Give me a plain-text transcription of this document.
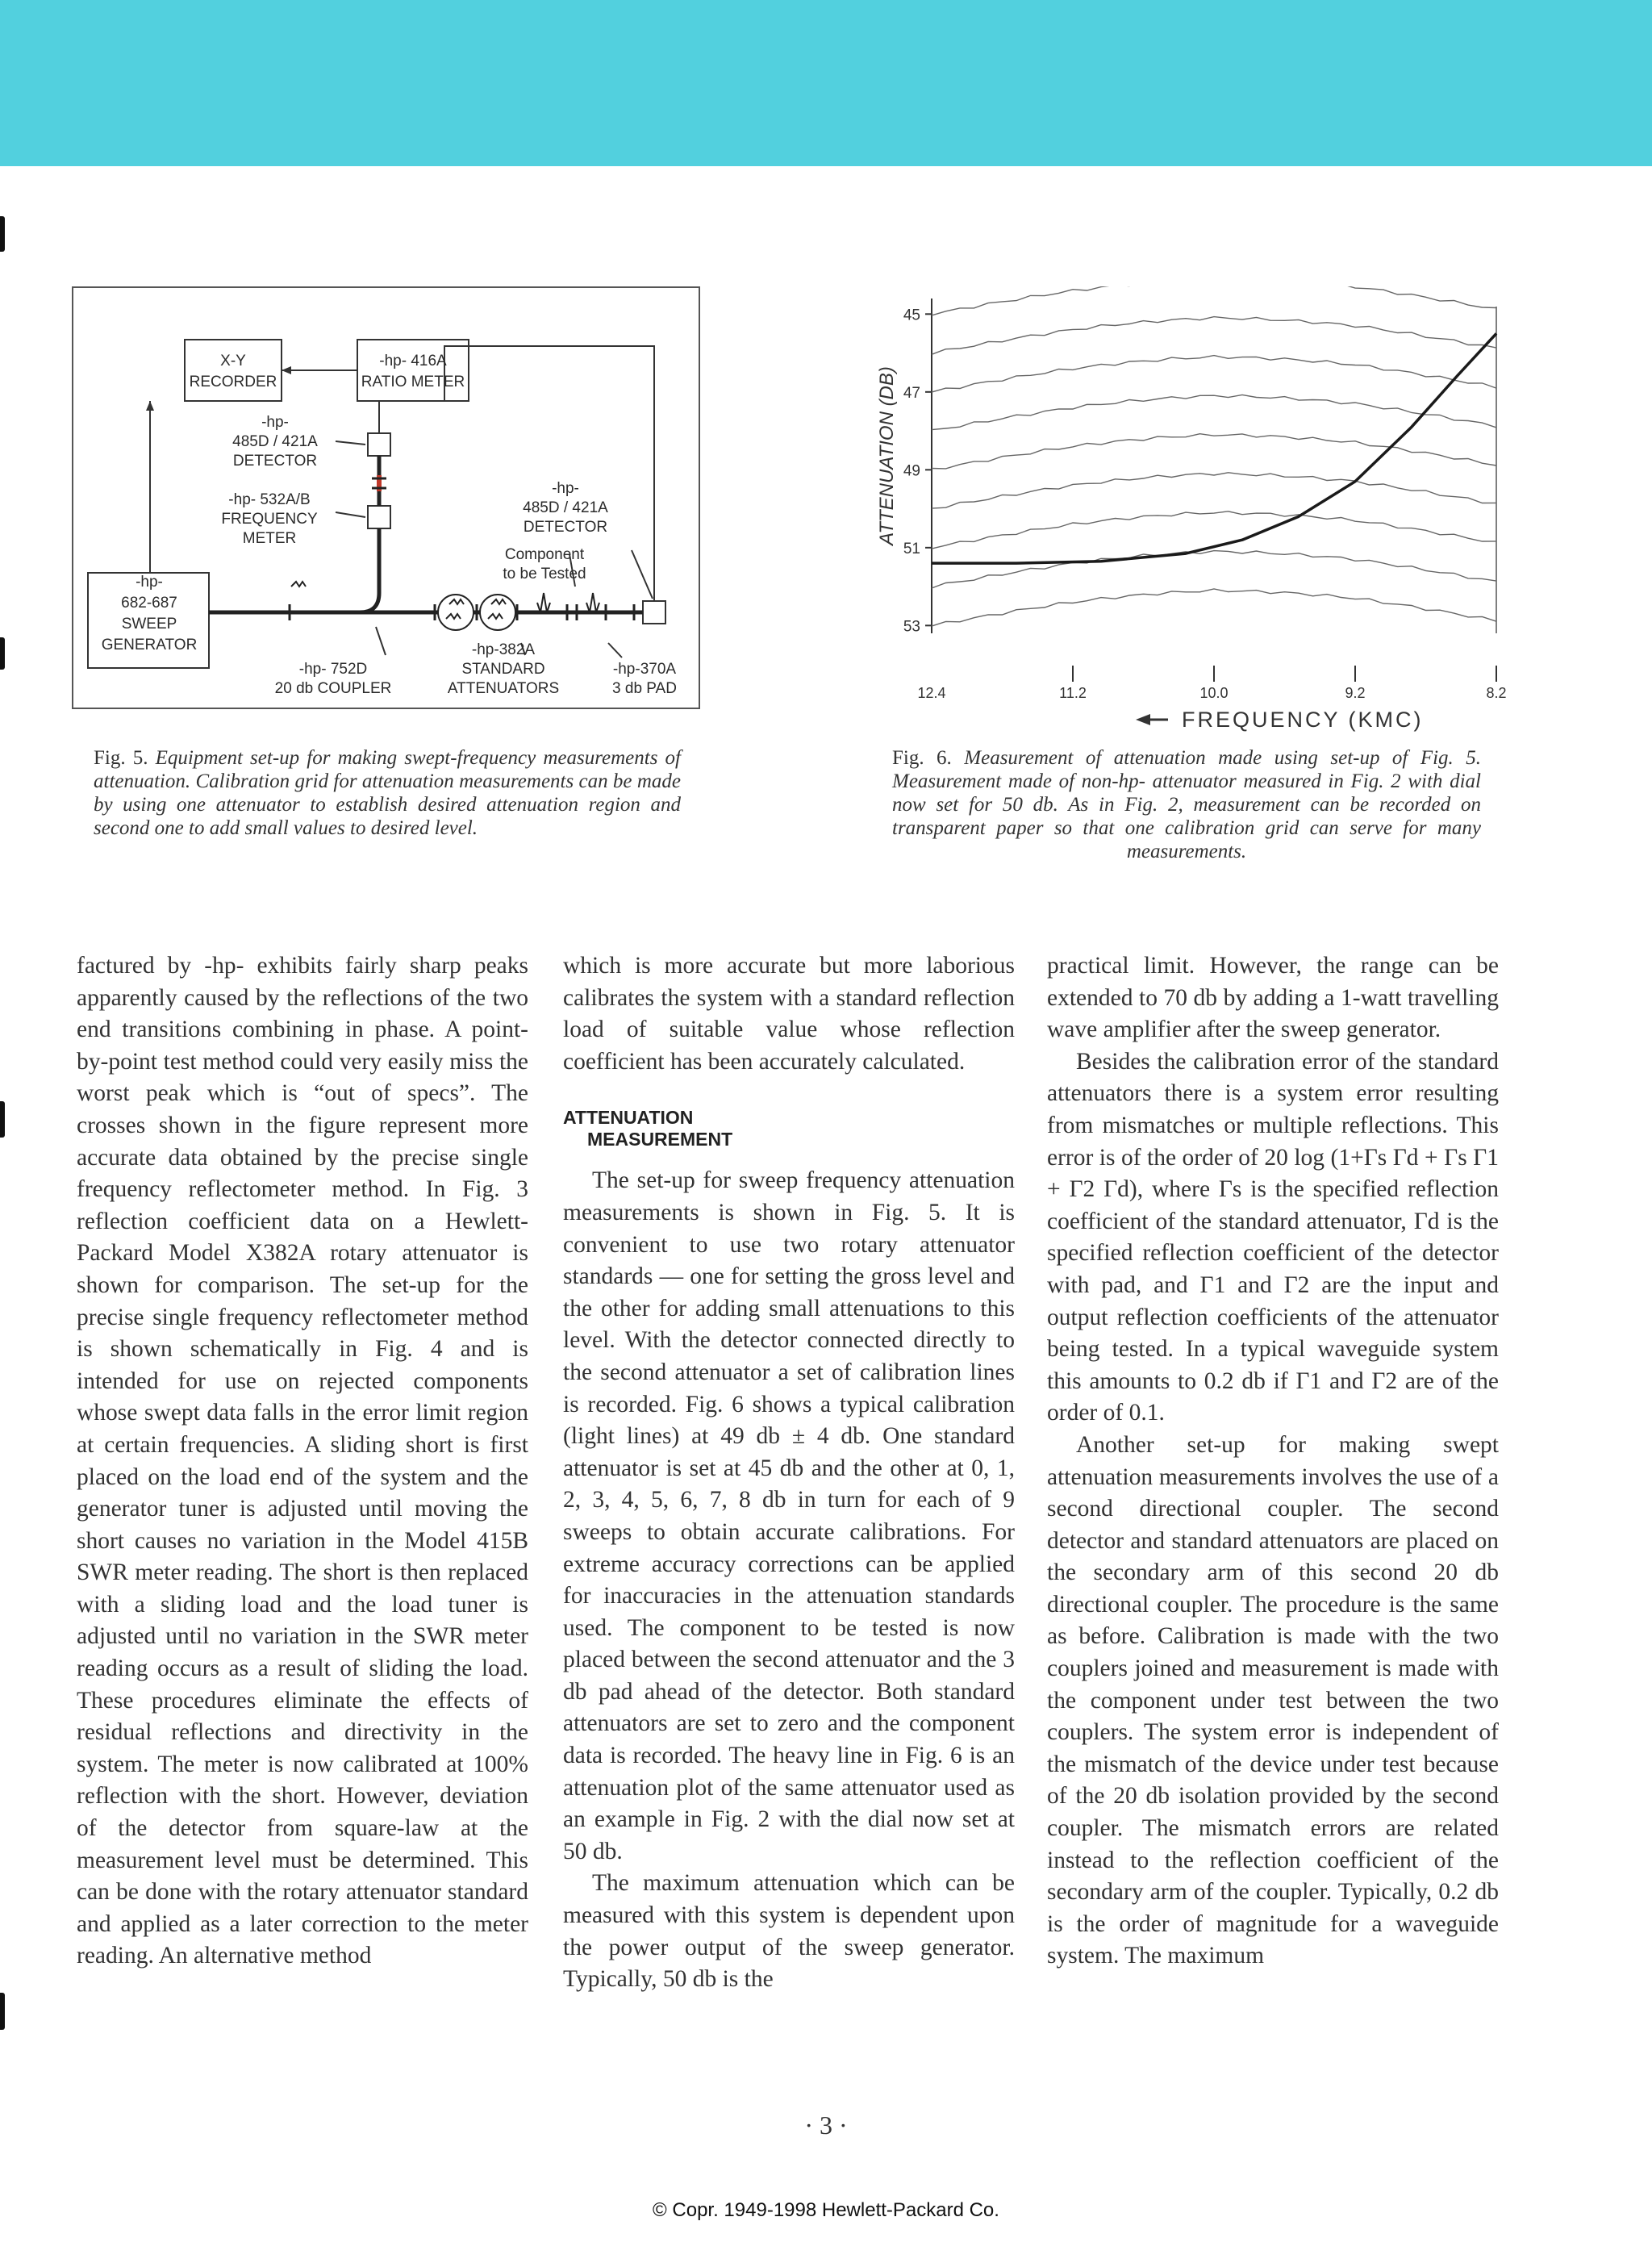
X-Y
RECORDER
-hp- 416A
RATIO METER
-hp-
485D / 421A
DETECTOR
-hp- 532A/B
FREQUENCY
METER
-hp-
485D / 421A
DETECTOR
Component
to be Tested
-hp-
682-687
SWEEP
GENERATOR
-hp- 752D
20 db COUPLER
-hp-382A
STANDARD
ATTENUATORS
-hp-370A
3 db PAD
Fig. 5. Equipment set-up for making swept-frequency measurements of attenuation. Calibration grid for attenuation measurements can be made by using one attenuator to establish desired attenuation region and second one to add small values to desired level.
45
47
49
51
53
12.4	11.2	10.0	9.2	8.2
ATTENUATION (DB)
FREQUENCY (KMC)
Fig. 6. Measurement of attenuation made using set-up of Fig. 5. Measurement made of non-hp- attenuator measured in Fig. 2 with dial now set for 50 db. As in Fig. 2, measurement can be recorded on transparent paper so that one calibration grid can serve for many measurements.

factured by -hp- exhibits fairly sharp peaks apparently caused by the reflections of the two end transitions combining in phase. A point-by-point test method could very easily miss the worst peak which is “out of specs”. The crosses shown in the figure represent more accurate data obtained by the precise single frequency reflectometer method. In Fig. 3 reflection coefficient data on a Hewlett-Packard Model X382A rotary attenuator is shown for comparison. The set-up for the precise single frequency reflectometer method is shown schematically in Fig. 4 and is intended for use on rejected components whose swept data falls in the error limit region at certain frequencies. A sliding short is first placed on the load end of the system and the generator tuner is adjusted until moving the short causes no variation in the Model 415B SWR meter reading. The short is then replaced with a sliding load and the load tuner is adjusted until no variation in the SWR meter reading occurs as a result of sliding the load. These procedures eliminate the effects of residual reflections and directivity in the system. The meter is now calibrated at 100% reflection with the short. However, deviation of the detector from square-law at the measurement level must be determined. This can be done with the rotary attenuator standard and applied as a later correction to the meter reading. An alternative method

which is more accurate but more laborious calibrates the system with a standard reflection load of suitable value whose reflection coefficient has been accurately calculated.

ATTENUATION
MEASUREMENT

The set-up for sweep frequency attenuation measurements is shown in Fig. 5. It is convenient to use two rotary attenuator standards — one for setting the gross level and the other for adding small attenuations to this level. With the detector connected directly to the second attenuator a set of calibration lines is recorded. Fig. 6 shows a typical calibration (light lines) at 49 db ± 4 db. One standard attenuator is set at 45 db and the other at 0, 1, 2, 3, 4, 5, 6, 7, 8 db in turn for each of 9 sweeps to obtain accurate calibrations. For extreme accuracy corrections can be applied for inaccuracies in the attenuation standards used. The component to be tested is now placed between the second attenuator and the 3 db pad ahead of the detector. Both standard attenuators are set to zero and the component data is recorded. The heavy line in Fig. 6 is an attenuation plot of the same attenuator used as an example in Fig. 2 with the dial now set at 50 db.

The maximum attenuation which can be measured with this system is dependent upon the power output of the sweep generator. Typically, 50 db is the

practical limit. However, the range can be extended to 70 db by adding a 1-watt travelling wave amplifier after the sweep generator.

Besides the calibration error of the standard attenuators there is a system error resulting from mismatches or multiple reflections. This error is of the order of 20 log (1+Γs Γd + Γs Γ1 + Γ2 Γd), where Γs is the specified reflection coefficient of the standard attenuator, Γd is the specified reflection coefficient of the detector with pad, and Γ1 and Γ2 are the input and output reflection coefficients of the attenuator being tested. In a typical waveguide system this amounts to 0.2 db if Γ1 and Γ2 are of the order of 0.1.

Another set-up for making swept attenuation measurements involves the use of a second directional coupler. The second detector and standard attenuators are placed on the secondary arm of this second 20 db directional coupler. The procedure is the same as before. Calibration is made with the two couplers joined and measurement is made with the component under test between the two couplers. The system error is independent of the mismatch of the device under test because of the 20 db isolation provided by the second coupler. The mismatch errors are related instead to the reflection coefficient of the secondary arm of the coupler. Typically, 0.2 db is the order of magnitude for a waveguide system. The maximum

· 3 ·
© Copr. 1949-1998 Hewlett-Packard Co.
